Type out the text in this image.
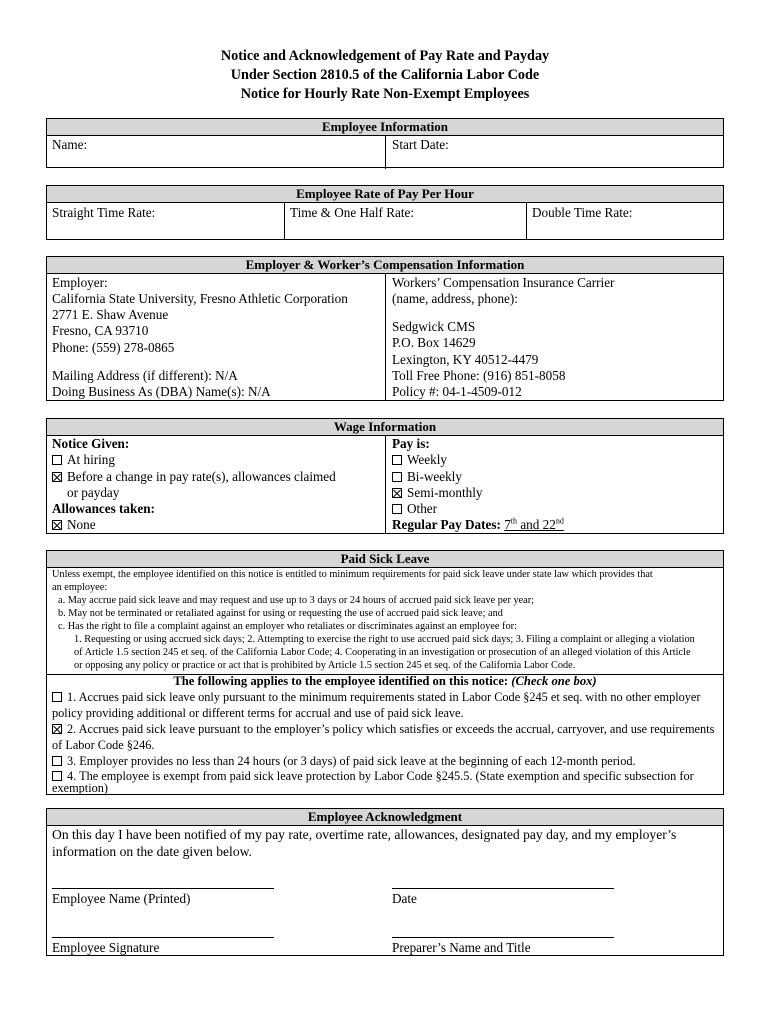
Notice and Acknowledgement of Pay Rate and Payday
Under Section 2810.5 of the California Labor Code
Notice for Hourly Rate Non-Exempt Employees
Employee Information
Name:	Start Date:
Employee Rate of Pay Per Hour
Straight Time Rate:	Time & One Half Rate:	Double Time Rate:
Employer & Worker’s Compensation Information
Employer:
California State University, Fresno Athletic Corporation
2771 E. Shaw Avenue
Fresno, CA 93710
Phone: (559) 278-0865
Mailing Address (if different): N/A
Doing Business As (DBA) Name(s): N/A
Workers’ Compensation Insurance Carrier
(name, address, phone):
Sedgwick CMS
P.O. Box 14629
Lexington, KY 40512-4479
Toll Free Phone: (916) 851-8058
Policy #: 04-1-4509-012
Wage Information
Notice Given:
At hiring
Before a change in pay rate(s), allowances claimed
or payday
Allowances taken:
None
Pay is:
Weekly
Bi-weekly
Semi-monthly
Other
Regular Pay Dates: 7th and 22nd
Paid Sick Leave
Unless exempt, the employee identified on this notice is entitled to minimum requirements for paid sick leave under state law which provides that
an employee:
a. May accrue paid sick leave and may request and use up to 3 days or 24 hours of accrued paid sick leave per year;
b. May not be terminated or retaliated against for using or requesting the use of accrued paid sick leave; and
c. Has the right to file a complaint against an employer who retaliates or discriminates against an employee for:
1. Requesting or using accrued sick days; 2. Attempting to exercise the right to use accrued paid sick days; 3. Filing a complaint or alleging a violation
of Article 1.5 section 245 et seq. of the California Labor Code; 4. Cooperating in an investigation or prosecution of an alleged violation of this Article
or opposing any policy or practice or act that is prohibited by Article 1.5 section 245 et seq. of the California Labor Code.
The following applies to the employee identified on this notice: (Check one box)
1. Accrues paid sick leave only pursuant to the minimum requirements stated in Labor Code §245 et seq. with no other employer
policy providing additional or different terms for accrual and use of paid sick leave.
2. Accrues paid sick leave pursuant to the employer’s policy which satisfies or exceeds the accrual, carryover, and use requirements
of Labor Code §246.
3. Employer provides no less than 24 hours (or 3 days) of paid sick leave at the beginning of each 12-month period.
4. The employee is exempt from paid sick leave protection by Labor Code §245.5. (State exemption and specific subsection for
exemption)
Employee Acknowledgment
On this day I have been notified of my pay rate, overtime rate, allowances, designated pay day, and my employer’s
information on the date given below.
Employee Name (Printed)	Date
Employee Signature	Preparer’s Name and Title
